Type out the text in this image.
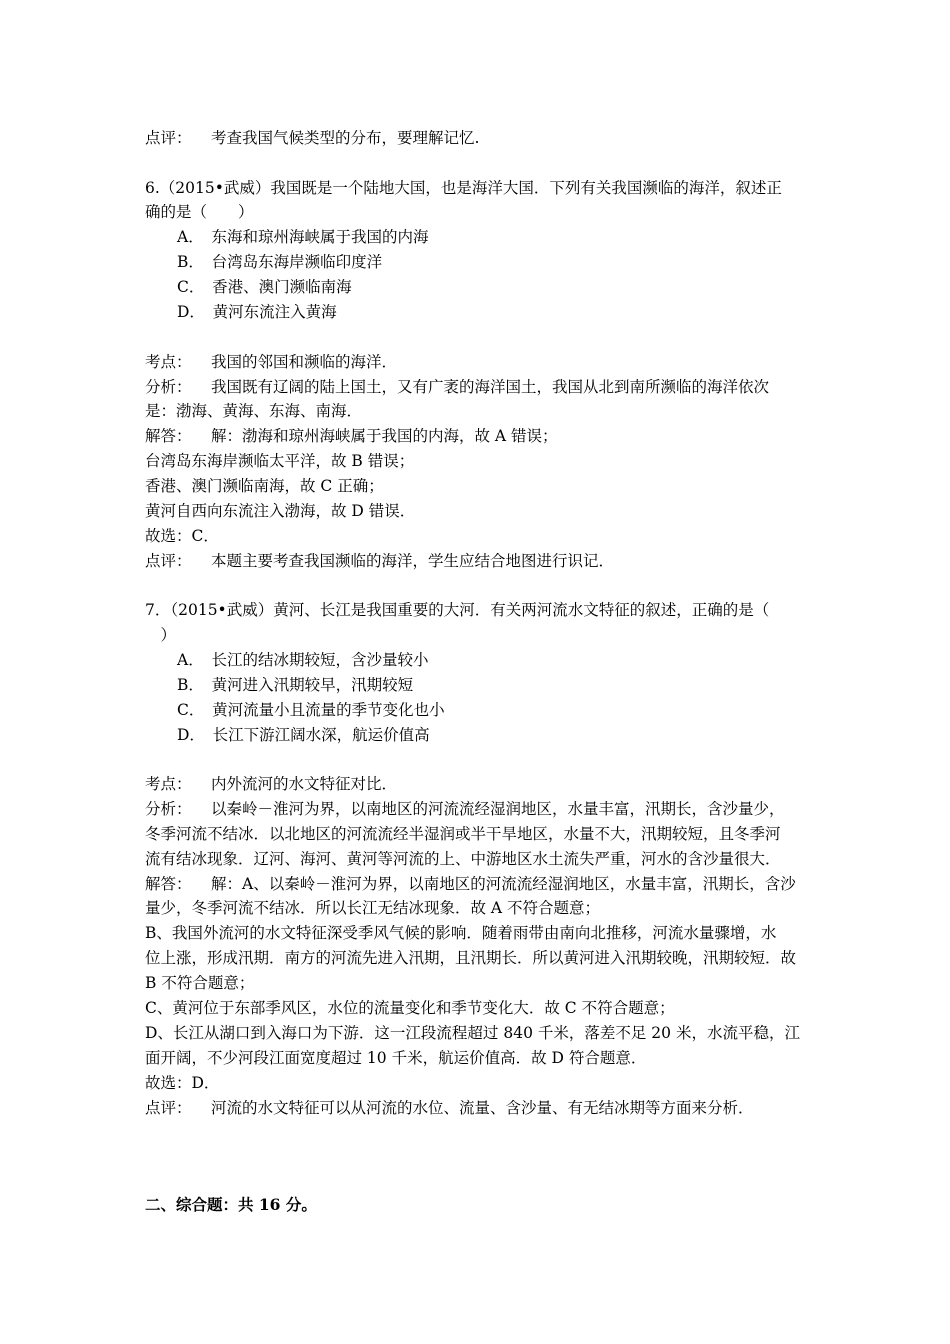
点评： 考查我国气候类型的分布，要理解记忆.
6.（2015•武威）我国既是一个陆地大国，也是海洋大国．下列有关我国濒临的海洋，叙述正
确的是（　　）
A．　东海和琼州海峡属于我国的内海
B．　台湾岛东海岸濒临印度洋
C．　香港、澳门濒临南海
D．　黄河东流注入黄海
考点： 我国的邻国和濒临的海洋．
分析： 我国既有辽阔的陆上国土，又有广袤的海洋国土，我国从北到南所濒临的海洋依次
是：渤海、黄海、东海、南海．
解答： 解：渤海和琼州海峡属于我国的内海，故 A 错误；
台湾岛东海岸濒临太平洋，故 B 错误；
香港、澳门濒临南海，故 C 正确；
黄河自西向东流注入渤海，故 D 错误．
故选：C．
点评： 本题主要考查我国濒临的海洋，学生应结合地图进行识记．
7．（2015•武威）黄河、长江是我国重要的大河．有关两河流水文特征的叙述，正确的是（
　）
A．　长江的结冰期较短，含沙量较小
B．　黄河进入汛期较早，汛期较短
C．　黄河流量小且流量的季节变化也小
D．　长江下游江阔水深，航运价值高
考点： 内外流河的水文特征对比．
分析： 以秦岭－淮河为界，以南地区的河流流经湿润地区，水量丰富，汛期长，含沙量少，
冬季河流不结冰．以北地区的河流流经半湿润或半干旱地区，水量不大，汛期较短，且冬季河
流有结冰现象．辽河、海河、黄河等河流的上、中游地区水土流失严重，河水的含沙量很大．
解答： 解：A、以秦岭－淮河为界，以南地区的河流流经湿润地区，水量丰富，汛期长，含沙
量少，冬季河流不结冰．所以长江无结冰现象．故 A 不符合题意；
B、我国外流河的水文特征深受季风气候的影响．随着雨带由南向北推移，河流水量骤增，水
位上涨，形成汛期．南方的河流先进入汛期，且汛期长．所以黄河进入汛期较晚，汛期较短．故
B 不符合题意；
C、黄河位于东部季风区，水位的流量变化和季节变化大．故 C 不符合题意；
D、长江从湖口到入海口为下游．这一江段流程超过 840 千米，落差不足 20 米，水流平稳，江
面开阔，不少河段江面宽度超过 10 千米，航运价值高．故 D 符合题意．
故选：D．
点评： 河流的水文特征可以从河流的水位、流量、含沙量、有无结冰期等方面来分析．
二、综合题：共 16 分。
